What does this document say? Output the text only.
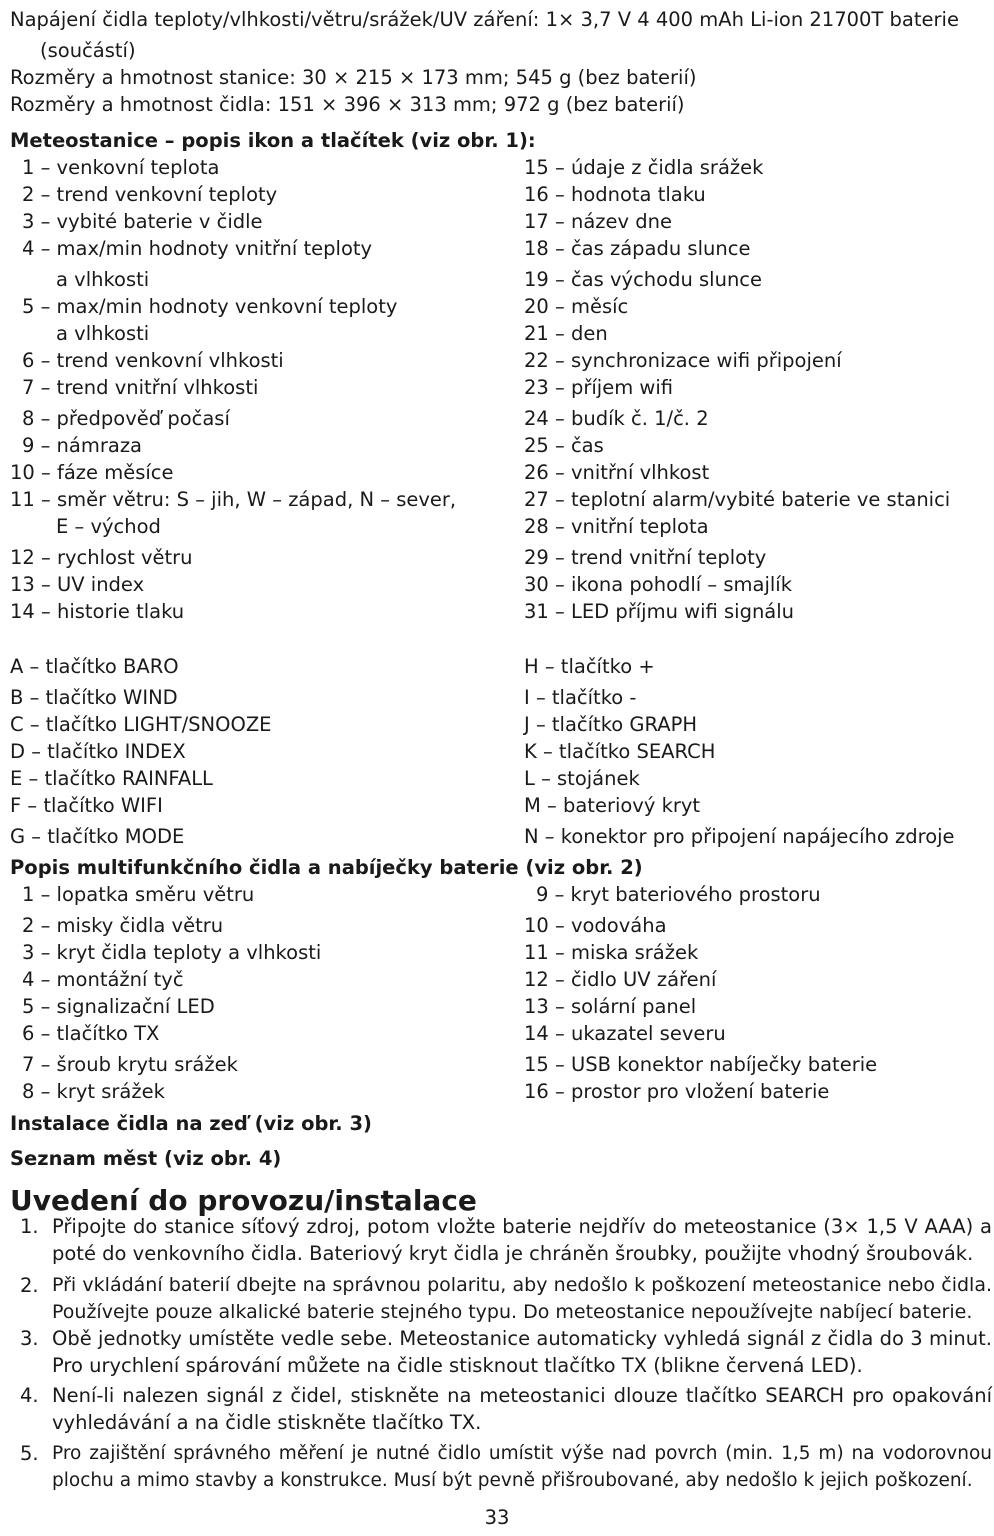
Napájení čidla teploty/vlhkosti/větru/srážek/UV záření: 1× 3,7 V 4 400 mAh Li-ion 21700T baterie
(součástí)
Rozměry a hmotnost stanice: 30 × 215 × 173 mm; 545 g (bez baterií)
Rozměry a hmotnost čidla: 151 × 396 × 313 mm; 972 g (bez baterií)
Meteostanice – popis ikon a tlačítek (viz obr. 1):
1 – venkovní teplota
2 – trend venkovní teploty
3 – vybité baterie v čidle
4 – max/min hodnoty vnitřní teploty
a vlhkosti
5 – max/min hodnoty venkovní teploty
a vlhkosti
6 – trend venkovní vlhkosti
7 – trend vnitřní vlhkosti
8 – předpověď počasí
9 – námraza
10 – fáze měsíce
11 – směr větru: S – jih, W – západ, N – sever,
E – východ
12 – rychlost větru
13 – UV index
14 – historie tlaku
15 – údaje z čidla srážek
16 – hodnota tlaku
17 – název dne
18 – čas západu slunce
19 – čas východu slunce
20 – měsíc
21 – den
22 – synchronizace wifi připojení
23 – příjem wifi
24 – budík č. 1/č. 2
25 – čas
26 – vnitřní vlhkost
27 – teplotní alarm/vybité baterie ve stanici
28 – vnitřní teplota
29 – trend vnitřní teploty
30 – ikona pohodlí – smajlík
31 – LED příjmu wifi signálu
A – tlačítko BARO
B – tlačítko WIND
C – tlačítko LIGHT/SNOOZE
D – tlačítko INDEX
E – tlačítko RAINFALL
F – tlačítko WIFI
G – tlačítko MODE
H – tlačítko +
I – tlačítko -
J – tlačítko GRAPH
K – tlačítko SEARCH
L – stojánek
M – bateriový kryt
N – konektor pro připojení napájecího zdroje
Popis multifunkčního čidla a nabíječky baterie (viz obr. 2)
1 – lopatka směru větru
2 – misky čidla větru
3 – kryt čidla teploty a vlhkosti
4 – montážní tyč
5 – signalizační LED
6 – tlačítko TX
7 – šroub krytu srážek
8 – kryt srážek
9 – kryt bateriového prostoru
10 – vodováha
11 – miska srážek
12 – čidlo UV záření
13 – solární panel
14 – ukazatel severu
15 – USB konektor nabíječky baterie
16 – prostor pro vložení baterie
Instalace čidla na zeď (viz obr. 3)
Seznam měst (viz obr. 4)
Uvedení do provozu/instalace
1. Připojte do stanice síťový zdroj, potom vložte baterie nejdřív do meteostanice (3× 1,5 V AAA) a poté do venkovního čidla. Bateriový kryt čidla je chráněn šroubky, použijte vhodný šroubovák.
2. Při vkládání baterií dbejte na správnou polaritu, aby nedošlo k poškození meteostanice nebo čidla. Používejte pouze alkalické baterie stejného typu. Do meteostanice nepoužívejte nabíjecí baterie.
3. Obě jednotky umístěte vedle sebe. Meteostanice automaticky vyhledá signál z čidla do 3 minut. Pro urychlení spárování můžete na čidle stisknout tlačítko TX (blikne červená LED).
4. Není-li nalezen signál z čidel, stiskněte na meteostanici dlouze tlačítko SEARCH pro opakování vyhledávání a na čidle stiskněte tlačítko TX.
5. Pro zajištění správného měření je nutné čidlo umístit výše nad povrch (min. 1,5 m) na vodorovnou plochu a mimo stavby a konstrukce. Musí být pevně přišroubované, aby nedošlo k jejich poškození.
33
